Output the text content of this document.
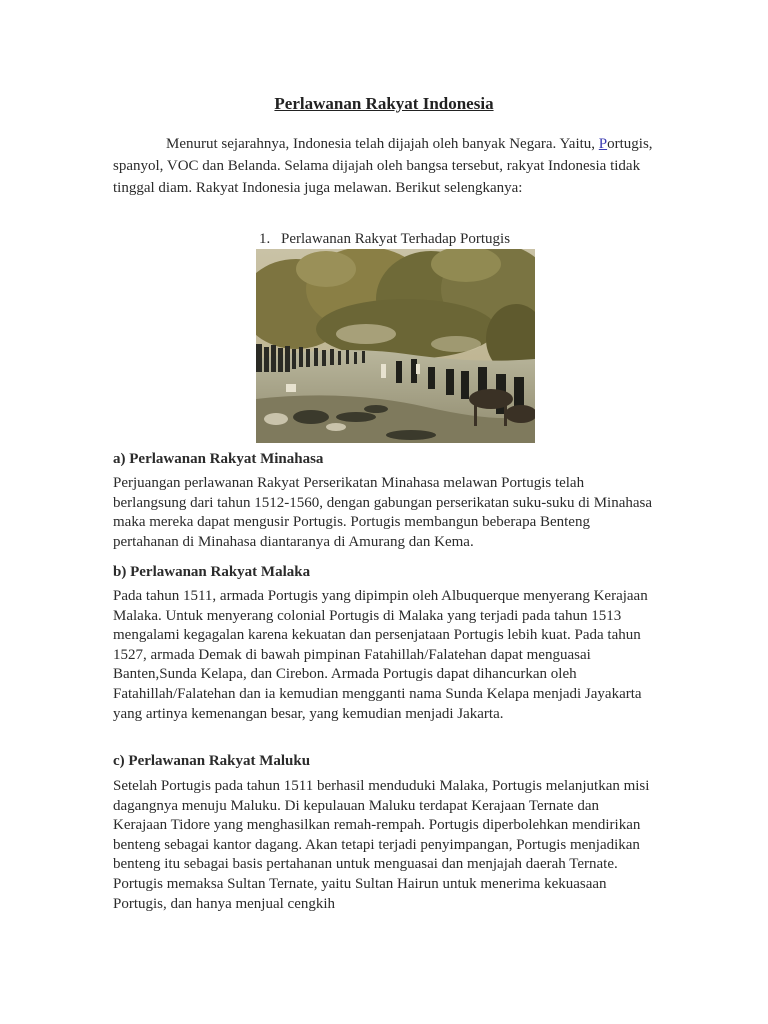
Perlawanan Rakyat Indonesia

Menurut sejarahnya, Indonesia telah dijajah oleh banyak Negara. Yaitu, Portugis, spanyol, VOC dan Belanda. Selama dijajah oleh bangsa tersebut, rakyat Indonesia tidak tinggal diam. Rakyat Indonesia juga melawan. Berikut selengkanya:

1. Perlawanan Rakyat Terhadap Portugis

a) Perlawanan Rakyat Minahasa

Perjuangan perlawanan Rakyat Perserikatan Minahasa melawan Portugis telah berlangsung dari tahun 1512-1560, dengan gabungan perserikatan suku-suku di Minahasa maka mereka dapat mengusir Portugis. Portugis membangun beberapa Benteng pertahanan di Minahasa diantaranya di Amurang dan Kema.

b) Perlawanan Rakyat Malaka

Pada tahun 1511, armada Portugis yang dipimpin oleh Albuquerque menyerang Kerajaan Malaka. Untuk menyerang colonial Portugis di Malaka yang terjadi pada tahun 1513 mengalami kegagalan karena kekuatan dan persenjataan Portugis lebih kuat. Pada tahun 1527, armada Demak di bawah pimpinan Fatahillah/Falatehan dapat menguasai Banten,Sunda Kelapa, dan Cirebon. Armada Portugis dapat dihancurkan oleh Fatahillah/Falatehan dan ia kemudian mengganti nama Sunda Kelapa menjadi Jayakarta yang artinya kemenangan besar, yang kemudian menjadi Jakarta.

c) Perlawanan Rakyat Maluku

Setelah Portugis pada tahun 1511 berhasil menduduki Malaka, Portugis melanjutkan misi dagangnya menuju Maluku. Di kepulauan Maluku terdapat Kerajaan Ternate dan Kerajaan Tidore yang menghasilkan remah-rempah. Portugis diperbolehkan mendirikan benteng sebagai kantor dagang. Akan tetapi terjadi penyimpangan, Portugis menjadikan benteng itu sebagai basis pertahanan untuk menguasai dan menjajah daerah Ternate. Portugis memaksa Sultan Ternate, yaitu Sultan Hairun untuk menerima kekuasaan Portugis, dan hanya menjual cengkih
